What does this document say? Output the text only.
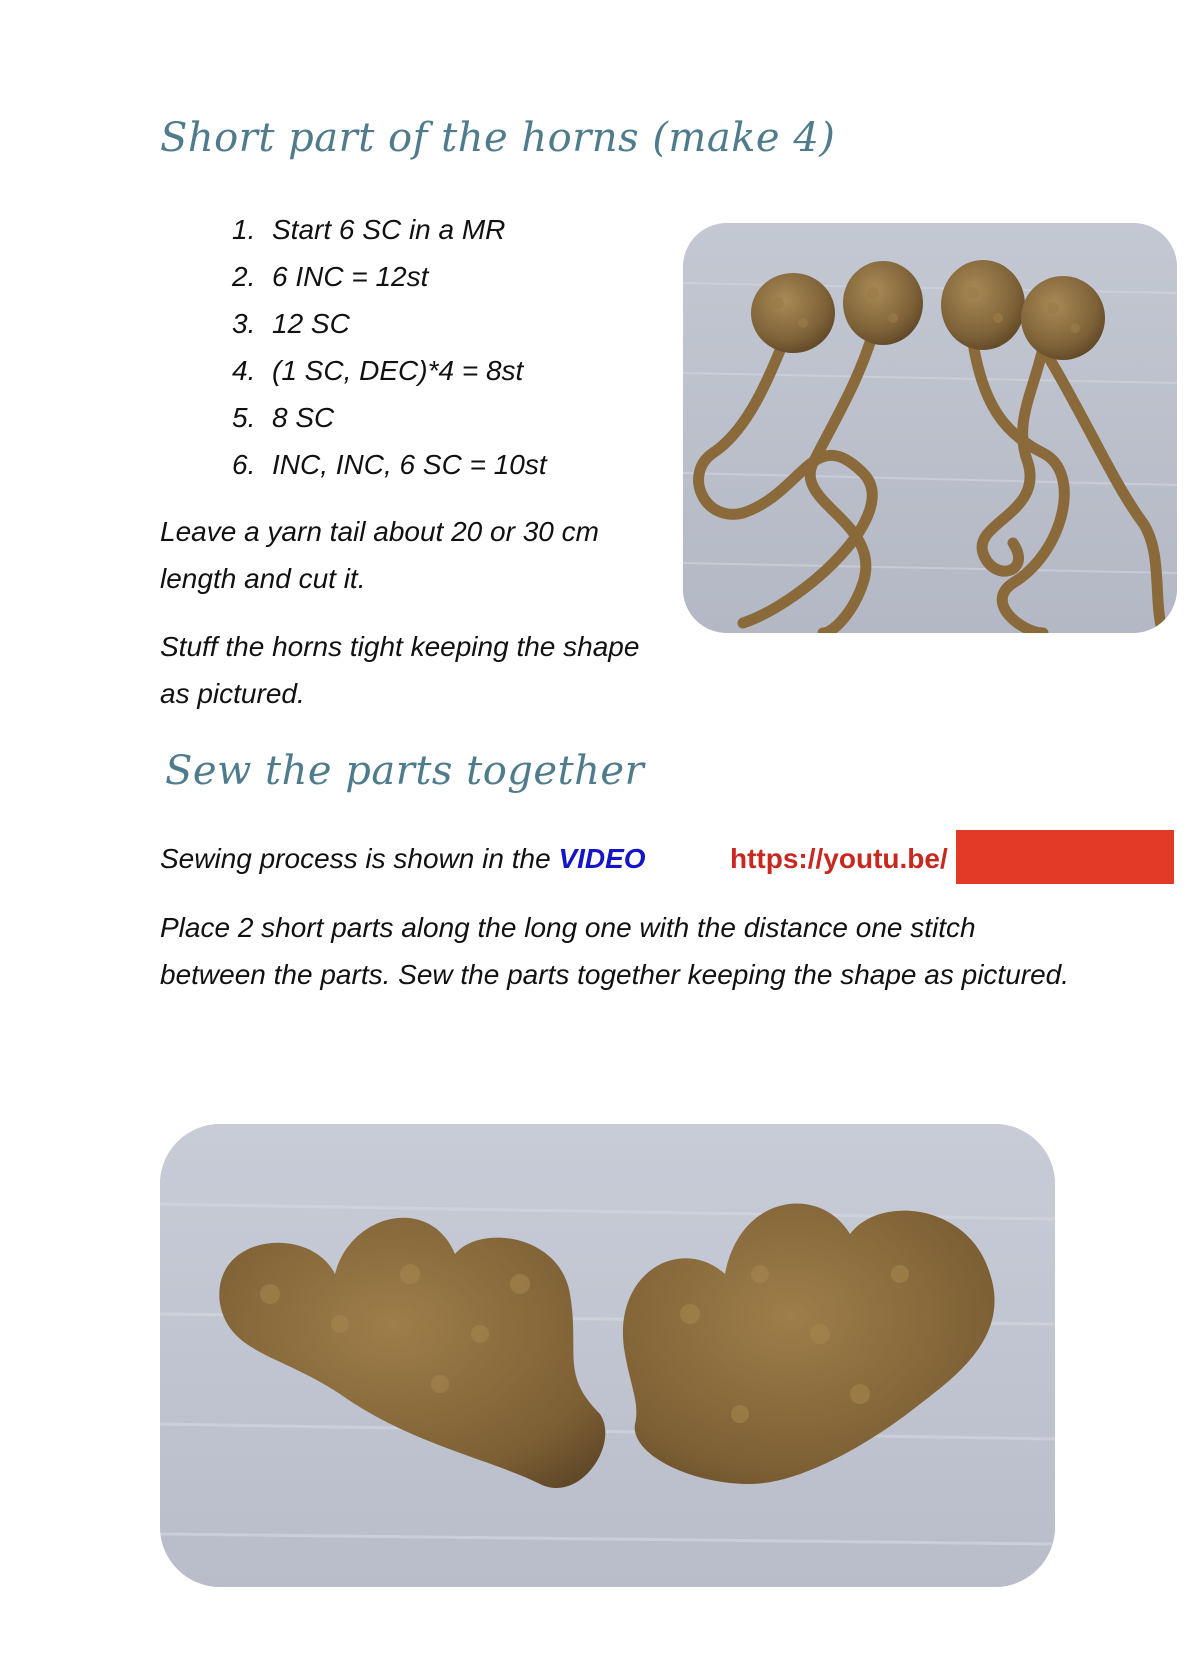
Short part of the horns (make 4)
1. Start 6 SC in a MR
2. 6 INC = 12st
3. 12 SC
4. (1 SC, DEC)*4 = 8st
5. 8 SC
6. INC, INC, 6 SC = 10st

Leave a yarn tail about 20 or 30 cm length and cut it.

Stuff the horns tight keeping the shape as pictured.

Sew the parts together

Sewing process is shown in the VIDEO	https://youtu.be/

Place 2 short parts along the long one with the distance one stitch between the parts. Sew the parts together keeping the shape as pictured.
